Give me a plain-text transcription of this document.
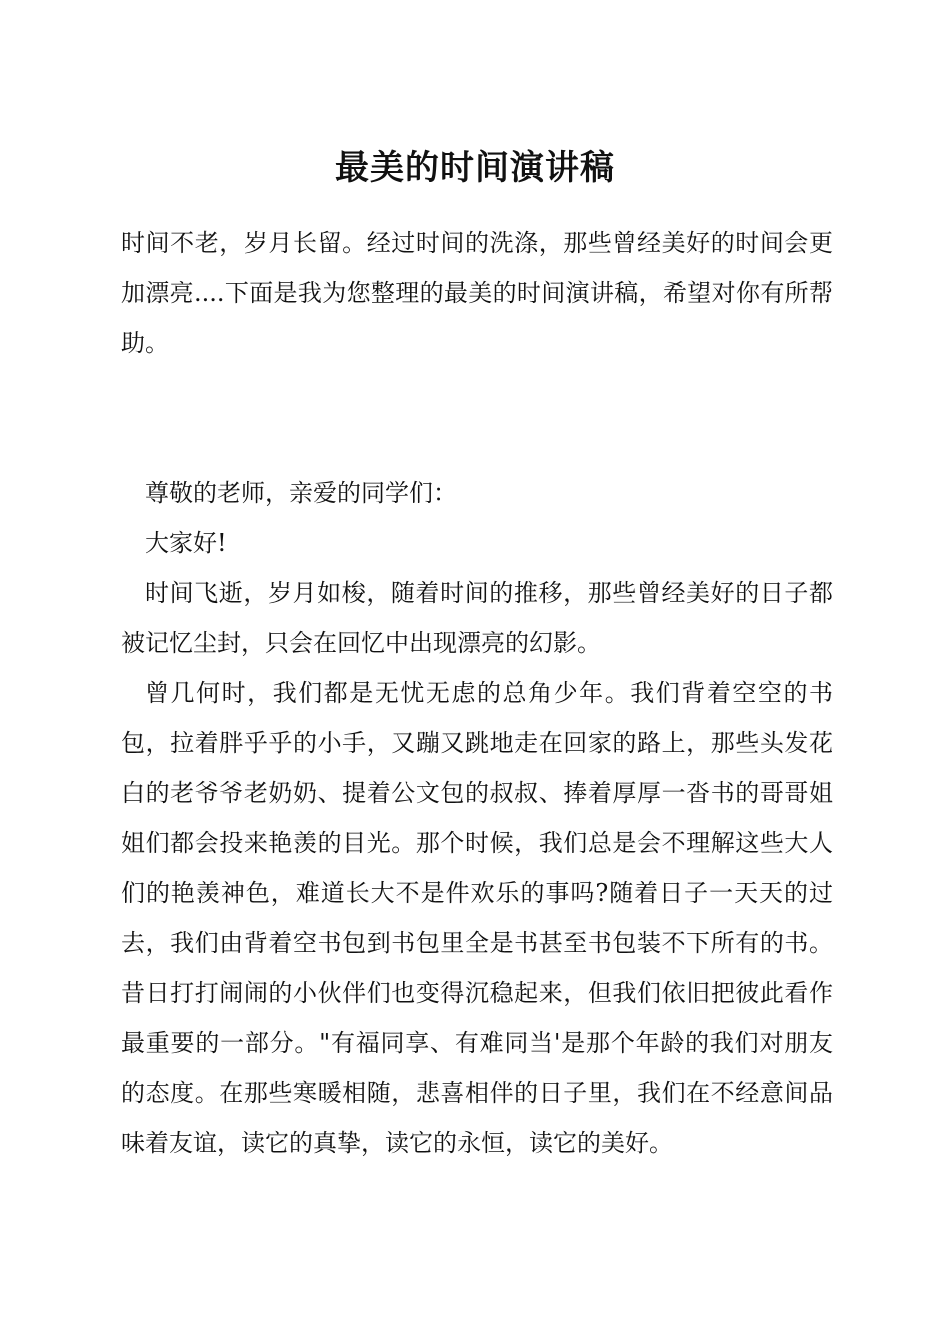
最美的时间演讲稿

时间不老，岁月长留。经过时间的洗涤，那些曾经美好的时间会更加漂亮....下面是我为您整理的最美的时间演讲稿，希望对你有所帮助。

尊敬的老师，亲爱的同学们：

大家好!

时间飞逝，岁月如梭，随着时间的推移，那些曾经美好的日子都被记忆尘封，只会在回忆中出现漂亮的幻影。

曾几何时，我们都是无忧无虑的总角少年。我们背着空空的书包，拉着胖乎乎的小手，又蹦又跳地走在回家的路上，那些头发花白的老爷爷老奶奶、提着公文包的叔叔、捧着厚厚一沓书的哥哥姐姐们都会投来艳羡的目光。那个时候，我们总是会不理解这些大人们的艳羡神色，难道长大不是件欢乐的事吗?随着日子一天天的过去，我们由背着空书包到书包里全是书甚至书包装不下所有的书。昔日打打闹闹的小伙伴们也变得沉稳起来，但我们依旧把彼此看作最重要的一部分。"有福同享、有难同当'是那个年龄的我们对朋友的态度。在那些寒暖相随，悲喜相伴的日子里，我们在不经意间品味着友谊，读它的真挚，读它的永恒，读它的美好。
